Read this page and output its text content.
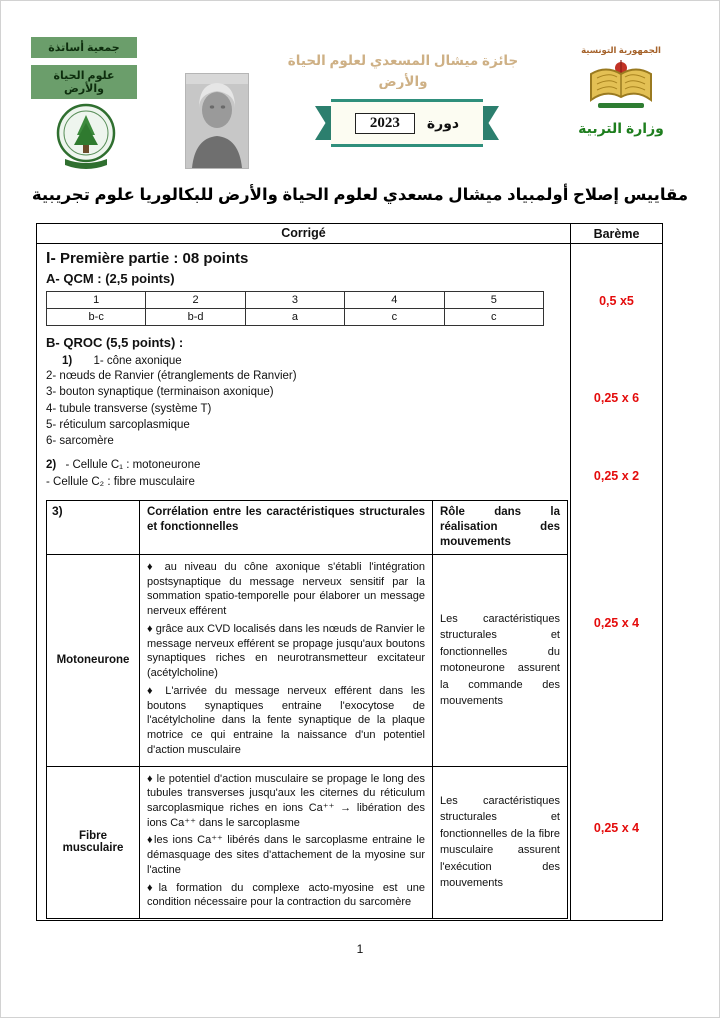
جمعية أساتذة
علوم الحياة والأرض
جائزة ميشال المسعدي لعلوم الحياة والأرض
2023	دورة
الجمهورية التونسية
وزارة التربية
مقاييس إصلاح أولمبياد ميشال مسعدي لعلوم الحياة والأرض للبكالوريا علوم تجريبية
Corrigé	Barème
I- Première partie : 08 points
A- QCM : (2,5 points)
1	2	3	4	5
b-c	b-d	a	c	c
B- QROC (5,5 points) :
1) 1- cône axonique
2- nœuds de Ranvier (étranglements de Ranvier)
3- bouton synaptique (terminaison axonique)
4- tubule transverse (système T)
5- réticulum sarcoplasmique
6- sarcomère
2) - Cellule C₁ : motoneurone
- Cellule C₂ : fibre musculaire
3)	Corrélation entre les caractéristiques structurales et fonctionnelles	Rôle dans la réalisation des mouvements
Motoneurone	♦ au niveau du cône axonique s'établi l'intégration postsynaptique du message nerveux sensitif par la sommation spatio-temporelle pour élaborer un message nerveux efférent

♦ grâce aux CVD localisés dans les nœuds de Ranvier le message nerveux efférent se propage jusqu'aux boutons synaptiques riches en neurotransmetteur excitateur (acétylcholine)

♦ L'arrivée du message nerveux efférent dans les boutons synaptiques entraine l'exocytose de l'acétylcholine dans la fente synaptique de la plaque motrice ce qui entraine la naissance d'un potentiel d'action musculaire	Les caractéristiques structurales et fonctionnelles du motoneurone assurent la commande des mouvements
Fibre musculaire	♦ le potentiel d'action musculaire se propage le long des tubules transverses jusqu'aux les citernes du réticulum sarcoplasmique riches en ions Ca⁺⁺ → libération des ions Ca⁺⁺ dans le sarcoplasme

♦les ions Ca⁺⁺ libérés dans le sarcoplasme entraine le démasquage des sites d'attachement de la myosine sur l'actine

♦la formation du complexe acto-myosine est une condition nécessaire pour la contraction du sarcomère	Les caractéristiques structurales et fonctionnelles de la fibre musculaire assurent l'exécution des mouvements
0,5 x5
0,25 x 6
0,25 x 2
0,25 x 4
0,25 x 4
1
